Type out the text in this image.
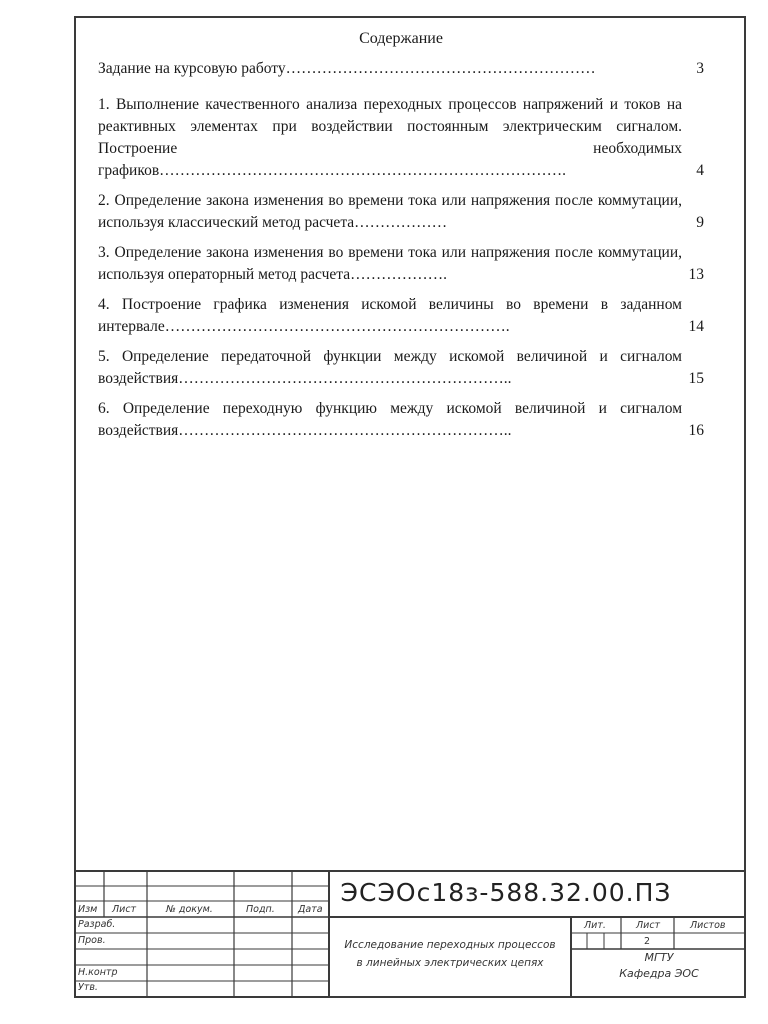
Содержание
Задание на курсовую работу……………………………………………………	3
1. Выполнение качественного анализа переходных процессов напряжений и токов на реактивных элементах при воздействии постоянным электрическим сигналом. Построение необходимых графиков…………………………………………………………………….	4
2. Определение закона изменения во времени тока или напряжения после коммутации, используя классический метод расчета………………	9
3. Определение закона изменения во времени тока или напряжения после коммутации, используя операторный метод расчета……………….	13
4. Построение графика изменения искомой величины во времени в заданном интервале………………………………………………………….	14
5. Определение передаточной функции между искомой величиной и сигналом воздействия………………………………………………………..	15
6. Определение переходную функцию между искомой величиной и сигналом воздействия………………………………………………………..	16
Изм Лист	№ докум.	Подп. Дата
Разраб.
Пров.
Н.контр
Утв.
ЭСЭОс18з-588.32.00.ПЗ
Исследование переходных процессов
в линейных электрических цепях
Лит.	Лист	Листов
2
МГТУ
Кафедра ЭОС
